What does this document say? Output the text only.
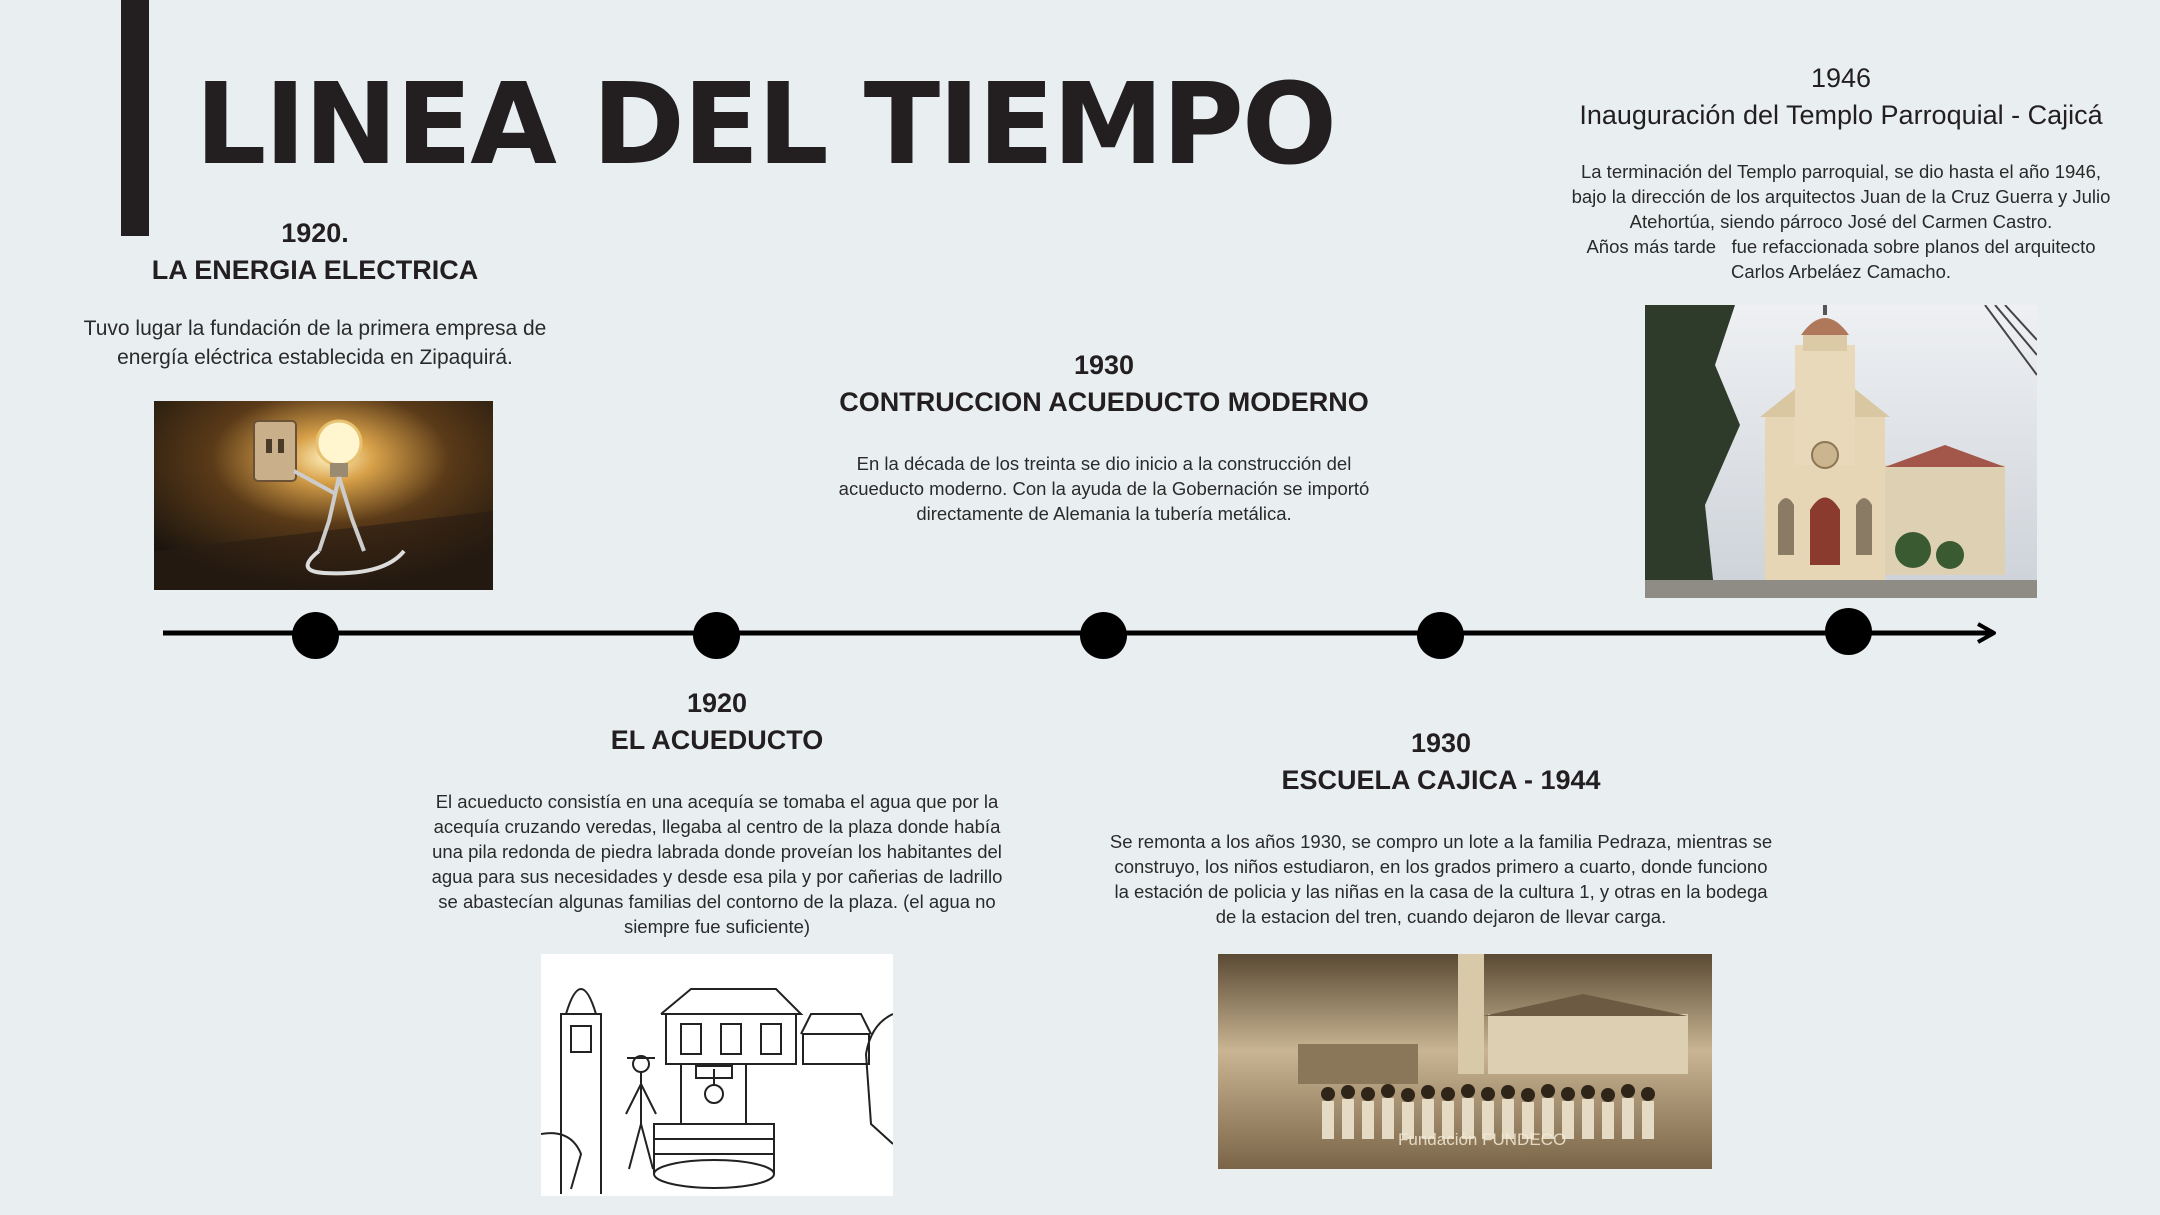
LINEA DEL TIEMPO

1920.

LA ENERGIA ELECTRICA

Tuvo lugar la fundación de la primera empresa de energía eléctrica establecida en Zipaquirá.

1920

EL ACUEDUCTO

El acueducto consistía en una acequía se tomaba el agua que por la acequía cruzando veredas, llegaba al centro de la plaza donde había una pila redonda de piedra labrada donde proveían los habitantes del agua para sus necesidades y desde esa pila y por cañerias de ladrillo se abastecían algunas familias del contorno de la plaza. (el agua no siempre fue suficiente)

1930

CONTRUCCION ACUEDUCTO MODERNO

En la década de los treinta se dio inicio a la construcción del acueducto moderno. Con la ayuda de la Gobernación se importó directamente de Alemania la tubería metálica.

1930

ESCUELA CAJICA - 1944

Se remonta a los años 1930, se compro un lote a la familia Pedraza, mientras se construyo, los niños estudiaron, en los grados primero a cuarto, donde funciono la estación de policia y las niñas en la casa de la cultura 1, y otras en la bodega de la estacion del tren, cuando dejaron de llevar carga.

Fundación FUNDECO

1946

Inauguración del Templo Parroquial - Cajicá

La terminación del Templo parroquial, se dio hasta el año 1946,
bajo la dirección de los arquitectos Juan de la Cruz Guerra y Julio
Atehortúa, siendo párroco José del Carmen Castro.
Años más tarde   fue refaccionada sobre planos del arquitecto
Carlos Arbeláez Camacho.
